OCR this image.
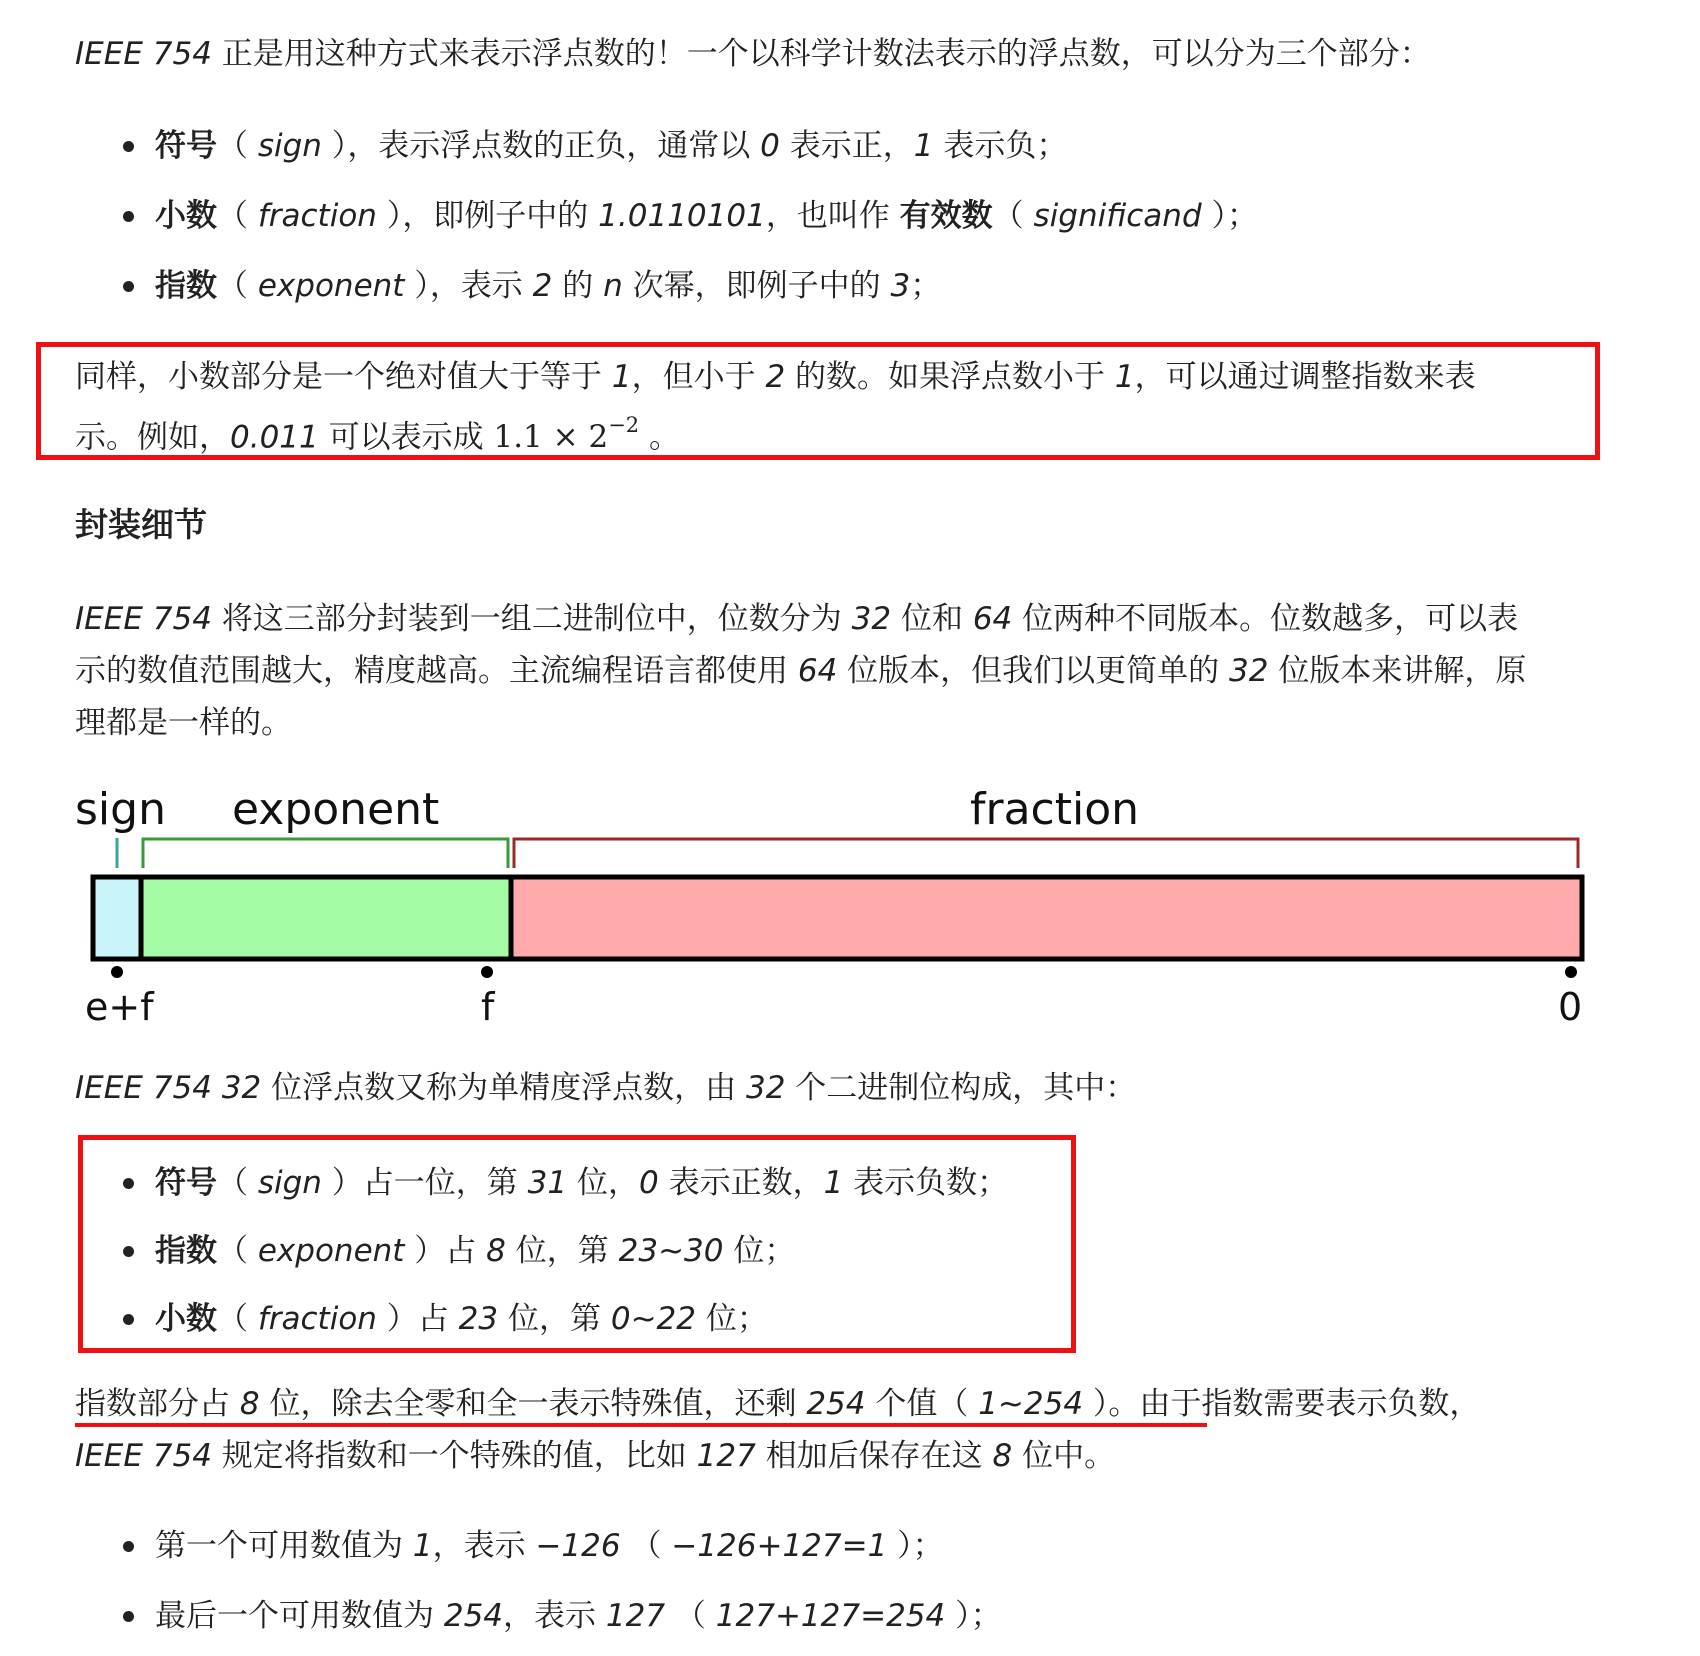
IEEE 754 正是用这种方式来表示浮点数的！一个以科学计数法表示的浮点数，可以分为三个部分：
符号（ sign ），表示浮点数的正负，通常以 0 表示正，1 表示负；
小数（ fraction ），即例子中的 1.0110101，也叫作 有效数（ significand ）；
指数（ exponent ），表示 2 的 n 次幂，即例子中的 3；
同样，小数部分是一个绝对值大于等于 1，但小于 2 的数。如果浮点数小于 1，可以通过调整指数来表
示。例如，0.011 可以表示成 $1.1 \times 2^{-2}$ 。
封装细节
IEEE 754 将这三部分封装到一组二进制位中，位数分为 32 位和 64 位两种不同版本。位数越多，可以表
示的数值范围越大，精度越高。主流编程语言都使用 64 位版本，但我们以更简单的 32 位版本来讲解，原
理都是一样的。
sign exponent	fraction
e+f	f	0
IEEE 754 32 位浮点数又称为单精度浮点数，由 32 个二进制位构成，其中：
符号（ sign ）占一位，第 31 位，0 表示正数，1 表示负数；
指数（ exponent ）占 8 位，第 23~30 位；
小数（ fraction ）占 23 位，第 0~22 位；
指数部分占 8 位，除去全零和全一表示特殊值，还剩 254 个值（ 1~254 ）。由于指数需要表示负数，
IEEE 754 规定将指数和一个特殊的值，比如 127 相加后保存在这 8 位中。
第一个可用数值为 1，表示 −126 （ −126+127=1 ）；
最后一个可用数值为 254，表示 127 （ 127+127=254 ）；
